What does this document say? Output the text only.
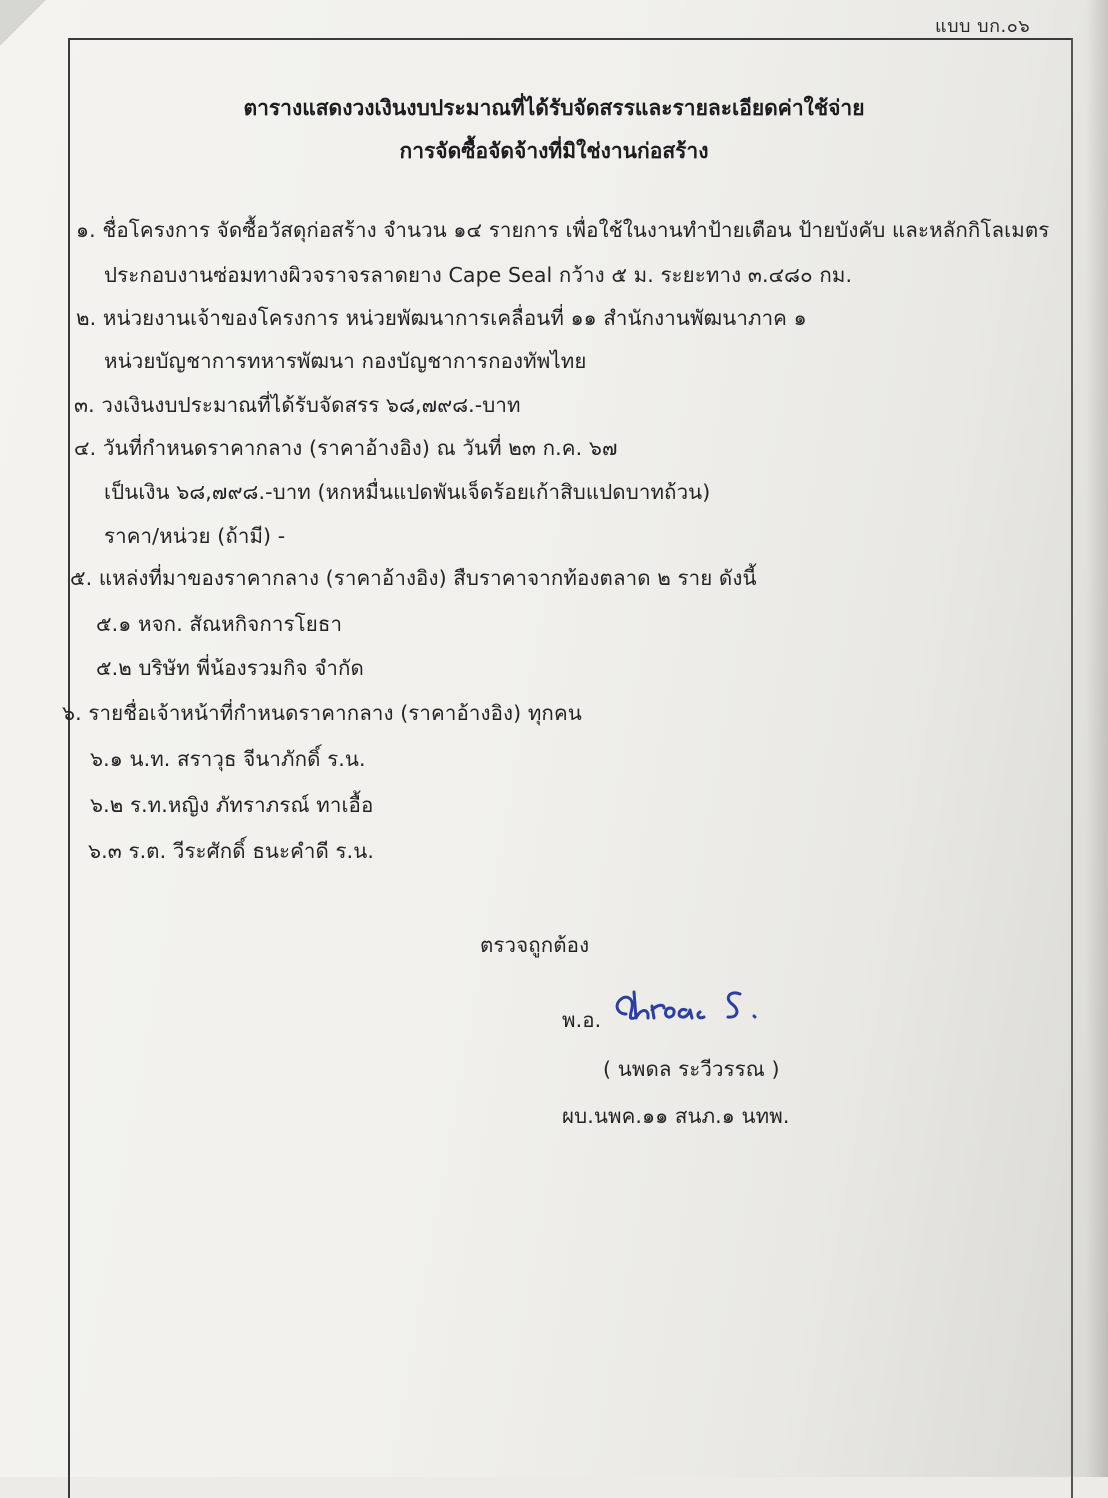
แบบ บก.๐๖
ตารางแสดงวงเงินงบประมาณที่ได้รับจัดสรรและรายละเอียดค่าใช้จ่าย
การจัดซื้อจัดจ้างที่มิใช่งานก่อสร้าง
๑. ชื่อโครงการ จัดซื้อวัสดุก่อสร้าง จำนวน ๑๔ รายการ เพื่อใช้ในงานทำป้ายเตือน ป้ายบังคับ และหลักกิโลเมตร
ประกอบงานซ่อมทางผิวจราจรลาดยาง Cape Seal กว้าง ๕ ม. ระยะทาง ๓.๔๘๐ กม.
๒. หน่วยงานเจ้าของโครงการ หน่วยพัฒนาการเคลื่อนที่ ๑๑ สำนักงานพัฒนาภาค ๑
หน่วยบัญชาการทหารพัฒนา กองบัญชาการกองทัพไทย
๓. วงเงินงบประมาณที่ได้รับจัดสรร ๖๘,๗๙๘.-บาท
๔. วันที่กำหนดราคากลาง (ราคาอ้างอิง) ณ วันที่ ๒๓ ก.ค. ๖๗
เป็นเงิน ๖๘,๗๙๘.-บาท (หกหมื่นแปดพันเจ็ดร้อยเก้าสิบแปดบาทถ้วน)
ราคา/หน่วย (ถ้ามี) -
๕. แหล่งที่มาของราคากลาง (ราคาอ้างอิง) สืบราคาจากท้องตลาด ๒ ราย ดังนี้
๕.๑ หจก. สัณหกิจการโยธา
๕.๒ บริษัท พี่น้องรวมกิจ จำกัด
๖. รายชื่อเจ้าหน้าที่กำหนดราคากลาง (ราคาอ้างอิง) ทุกคน
๖.๑ น.ท. สราวุธ จีนาภักดิ์ ร.น.
๖.๒ ร.ท.หญิง ภัทราภรณ์ ทาเอื้อ
๖.๓ ร.ต. วีระศักดิ์ ธนะคำดี ร.น.
ตรวจถูกต้อง
พ.อ.
( นพดล ระวีวรรณ )
ผบ.นพค.๑๑ สนภ.๑ นทพ.
